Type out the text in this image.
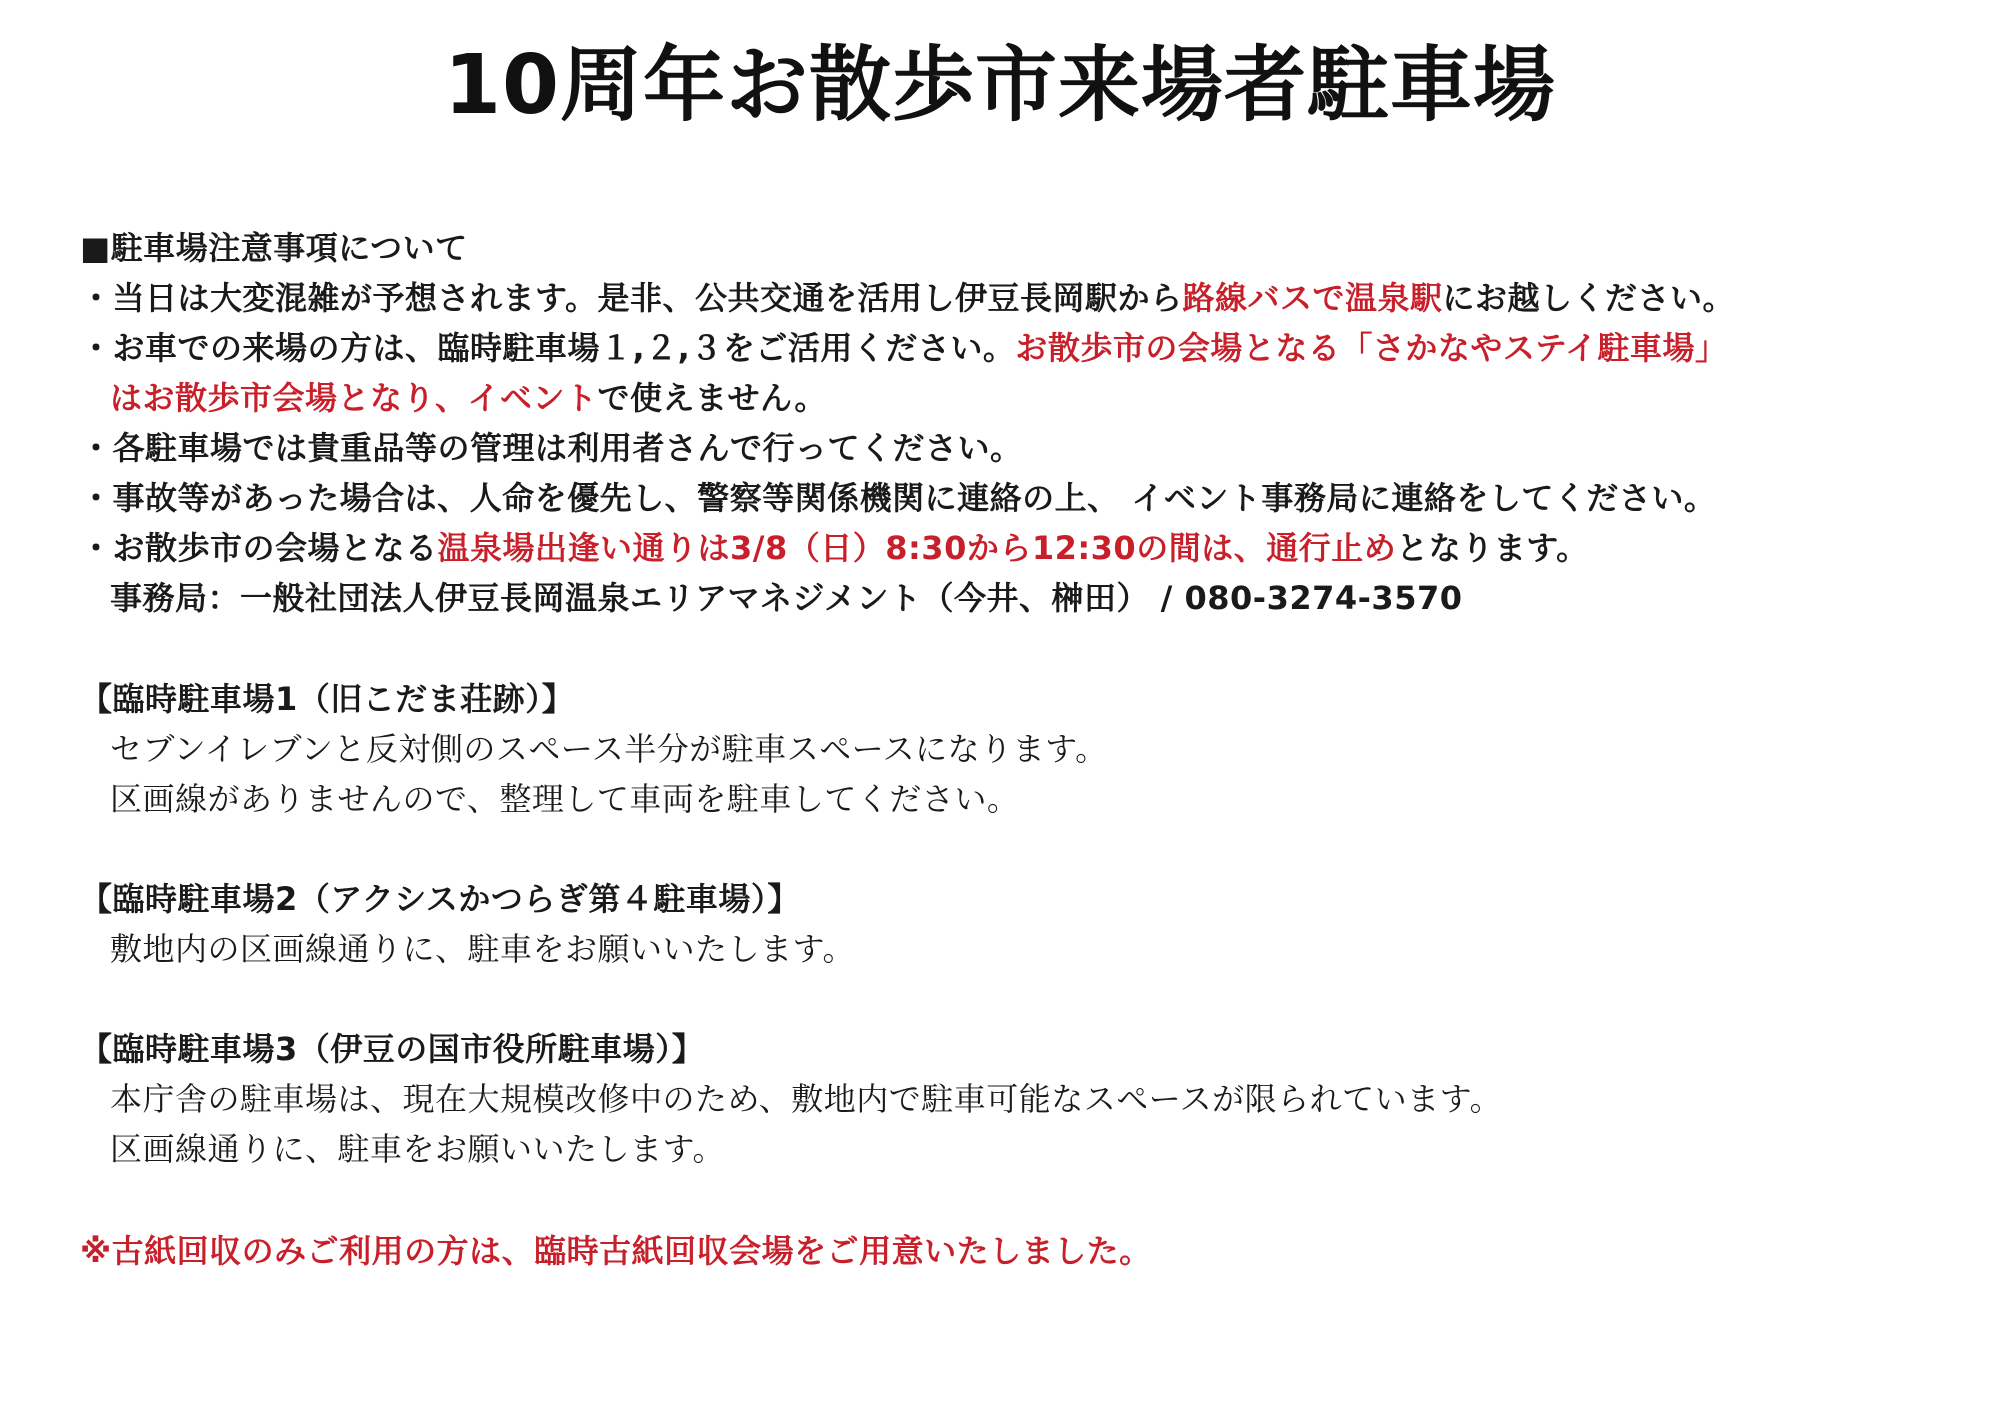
10周年お散歩市来場者駐車場
■駐車場注意事項について
・当日は大変混雑が予想されます。是非、公共交通を活用し伊豆長岡駅から路線バスで温泉駅にお越しください。
・お車での来場の方は、臨時駐車場１,２,３をご活用ください。お散歩市の会場となる「さかなやステイ駐車場」
はお散歩市会場となり、イベントで使えません。
・各駐車場では貴重品等の管理は利用者さんで行ってください。
・事故等があった場合は、人命を優先し、警察等関係機関に連絡の上、 イベント事務局に連絡をしてください。
・お散歩市の会場となる温泉場出逢い通りは3/8（日）8:30から12:30の間は、通行止めとなります。
事務局：一般社団法人伊豆長岡温泉エリアマネジメント（今井、榊田） / 080-3274-3570
【臨時駐車場1（旧こだま荘跡）】
セブンイレブンと反対側のスペース半分が駐車スペースになります。
区画線がありませんので、整理して車両を駐車してください。
【臨時駐車場2（アクシスかつらぎ第４駐車場）】
敷地内の区画線通りに、駐車をお願いいたします。
【臨時駐車場3（伊豆の国市役所駐車場）】
本庁舎の駐車場は、現在大規模改修中のため、敷地内で駐車可能なスペースが限られています。
区画線通りに、駐車をお願いいたします。
※古紙回収のみご利用の方は、臨時古紙回収会場をご用意いたしました。
